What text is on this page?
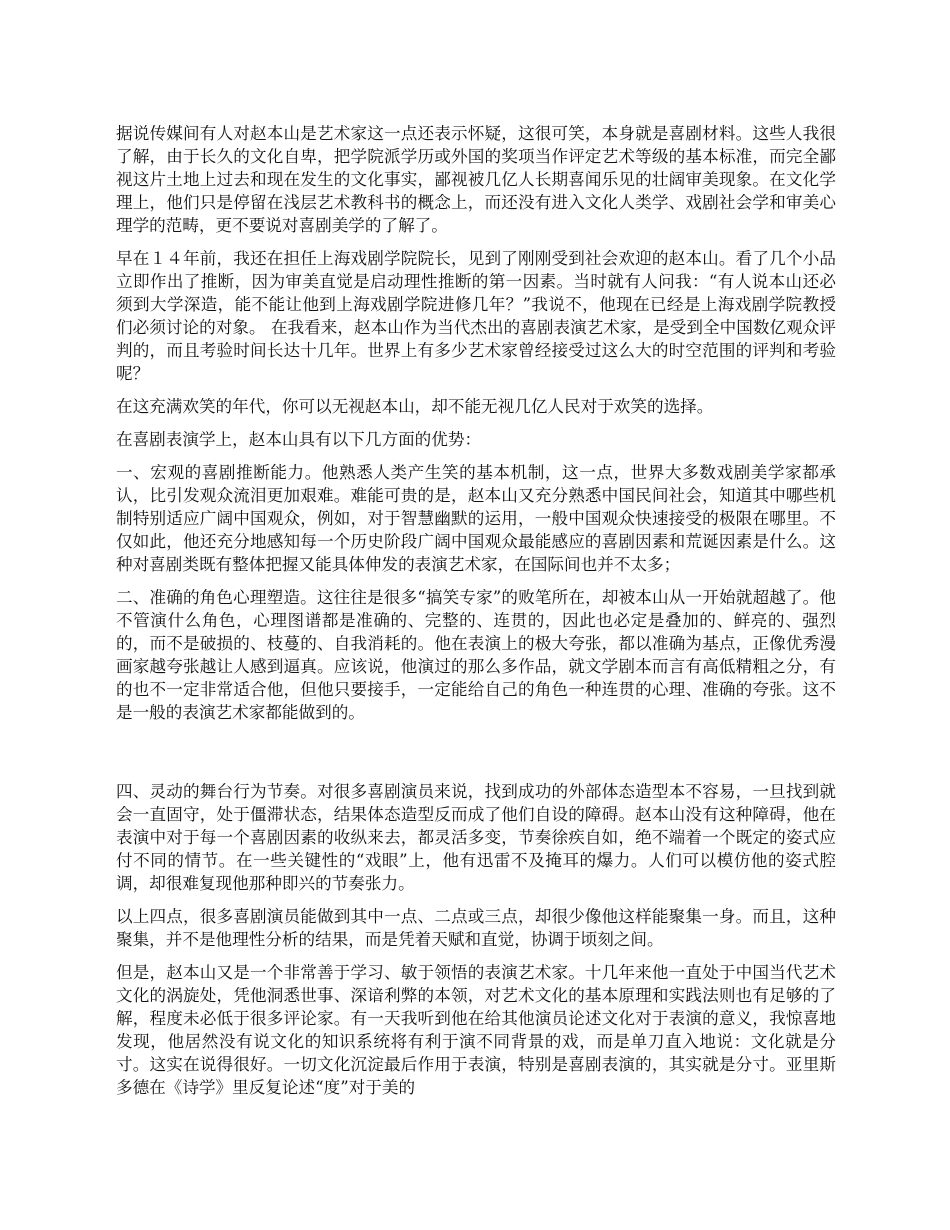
据说传媒间有人对赵本山是艺术家这一点还表示怀疑，这很可笑，本身就是喜剧材料。这些人我很了解，由于长久的文化自卑，把学院派学历或外国的奖项当作评定艺术等级的基本标准，而完全鄙视这片土地上过去和现在发生的文化事实，鄙视被几亿人长期喜闻乐见的壮阔审美现象。在文化学理上，他们只是停留在浅层艺术教科书的概念上，而还没有进入文化人类学、戏剧社会学和审美心理学的范畴，更不要说对喜剧美学的了解了。

早在１４年前，我还在担任上海戏剧学院院长，见到了刚刚受到社会欢迎的赵本山。看了几个小品立即作出了推断，因为审美直觉是启动理性推断的第一因素。当时就有人问我：“有人说本山还必须到大学深造，能不能让他到上海戏剧学院进修几年？”我说不，他现在已经是上海戏剧学院教授们必须讨论的对象。 在我看来，赵本山作为当代杰出的喜剧表演艺术家，是受到全中国数亿观众评判的，而且考验时间长达十几年。世界上有多少艺术家曾经接受过这么大的时空范围的评判和考验呢？

在这充满欢笑的年代，你可以无视赵本山，却不能无视几亿人民对于欢笑的选择。

在喜剧表演学上，赵本山具有以下几方面的优势：

一、宏观的喜剧推断能力。他熟悉人类产生笑的基本机制，这一点，世界大多数戏剧美学家都承认，比引发观众流泪更加艰难。难能可贵的是，赵本山又充分熟悉中国民间社会，知道其中哪些机制特别适应广阔中国观众，例如，对于智慧幽默的运用，一般中国观众快速接受的极限在哪里。不仅如此，他还充分地感知每一个历史阶段广阔中国观众最能感应的喜剧因素和荒诞因素是什么。这种对喜剧类既有整体把握又能具体伸发的表演艺术家，在国际间也并不太多；

二、准确的角色心理塑造。这往往是很多“搞笑专家”的败笔所在，却被本山从一开始就超越了。他不管演什么角色，心理图谱都是准确的、完整的、连贯的，因此也必定是叠加的、鲜亮的、强烈的，而不是破损的、枝蔓的、自我消耗的。他在表演上的极大夸张，都以准确为基点，正像优秀漫画家越夸张越让人感到逼真。应该说，他演过的那么多作品，就文学剧本而言有高低精粗之分，有的也不一定非常适合他，但他只要接手，一定能给自己的角色一种连贯的心理、准确的夸张。这不是一般的表演艺术家都能做到的。

四、灵动的舞台行为节奏。对很多喜剧演员来说，找到成功的外部体态造型本不容易，一旦找到就会一直固守，处于僵滞状态，结果体态造型反而成了他们自设的障碍。赵本山没有这种障碍，他在表演中对于每一个喜剧因素的收纵来去，都灵活多变，节奏徐疾自如，绝不端着一个既定的姿式应付不同的情节。在一些关键性的“戏眼”上，他有迅雷不及掩耳的爆力。人们可以模仿他的姿式腔调，却很难复现他那种即兴的节奏张力。

以上四点，很多喜剧演员能做到其中一点、二点或三点，却很少像他这样能聚集一身。而且，这种聚集，并不是他理性分析的结果，而是凭着天赋和直觉，协调于顷刻之间。

但是，赵本山又是一个非常善于学习、敏于领悟的表演艺术家。十几年来他一直处于中国当代艺术文化的涡旋处，凭他洞悉世事、深谙利弊的本领，对艺术文化的基本原理和实践法则也有足够的了解，程度未必低于很多评论家。有一天我听到他在给其他演员论述文化对于表演的意义，我惊喜地发现，他居然没有说文化的知识系统将有利于演不同背景的戏，而是单刀直入地说：文化就是分寸。这实在说得很好。一切文化沉淀最后作用于表演，特别是喜剧表演的，其实就是分寸。亚里斯多德在《诗学》里反复论述“度”对于美的
